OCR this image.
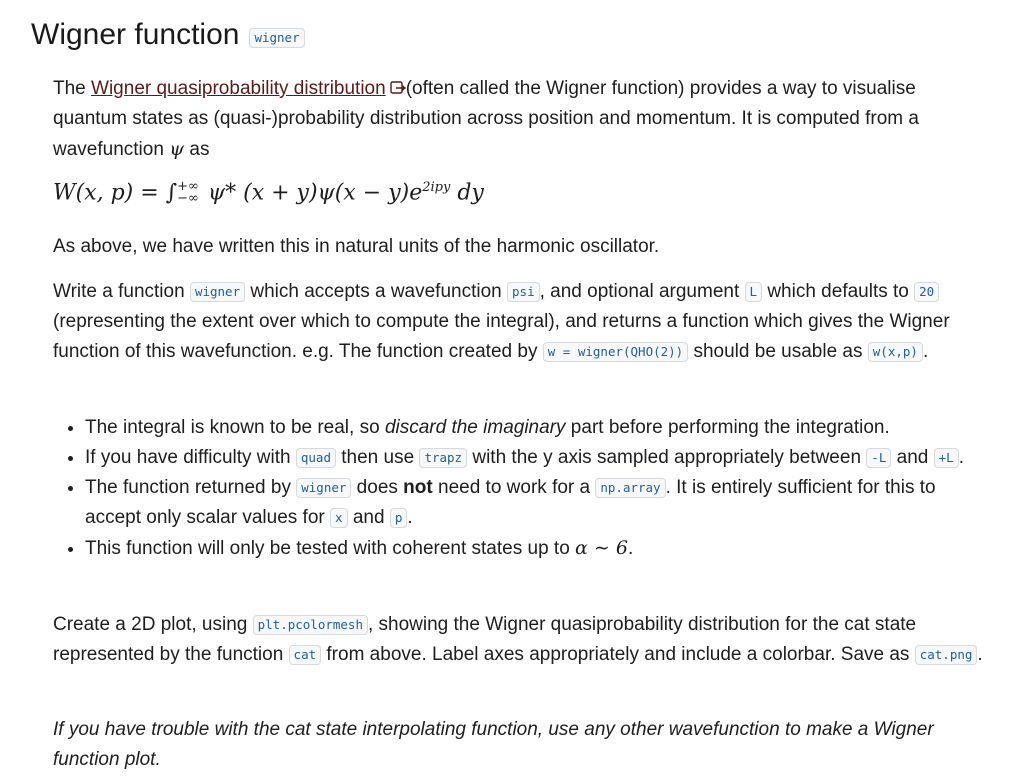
Wigner function	wigner

The Wigner quasiprobability distribution (often called the Wigner function) provides a way to visualise quantum states as (quasi-)probability distribution across position and momentum. It is computed from a wavefunction ψ as

W(x, p) = ∫ +∞
−∞ ψ* $(x + y)\psi(x - y)e^{2ipy}$ dy

As above, we have written this in natural units of the harmonic oscillator.

Write a function wigner which accepts a wavefunction psi , and optional argument L which defaults to 20 (representing the extent over which to compute the integral), and returns a function which gives the Wigner function of this wavefunction. e.g. The function created by w = wigner(QHO(2)) should be usable as w(x,p) .

• The integral is known to be real, so discard the imaginary part before performing the integration.
• If you have difficulty with quad then use trapz with the y axis sampled appropriately between -L and +L .
• The function returned by wigner does not need to work for a np.array . It is entirely sufficient for this to accept only scalar values for x and p .
• This function will only be tested with coherent states up to α ∼ 6.

Create a 2D plot, using plt.pcolormesh , showing the Wigner quasiprobability distribution for the cat state represented by the function cat from above. Label axes appropriately and include a colorbar. Save as cat.png .

If you have trouble with the cat state interpolating function, use any other wavefunction to make a Wigner function plot.
